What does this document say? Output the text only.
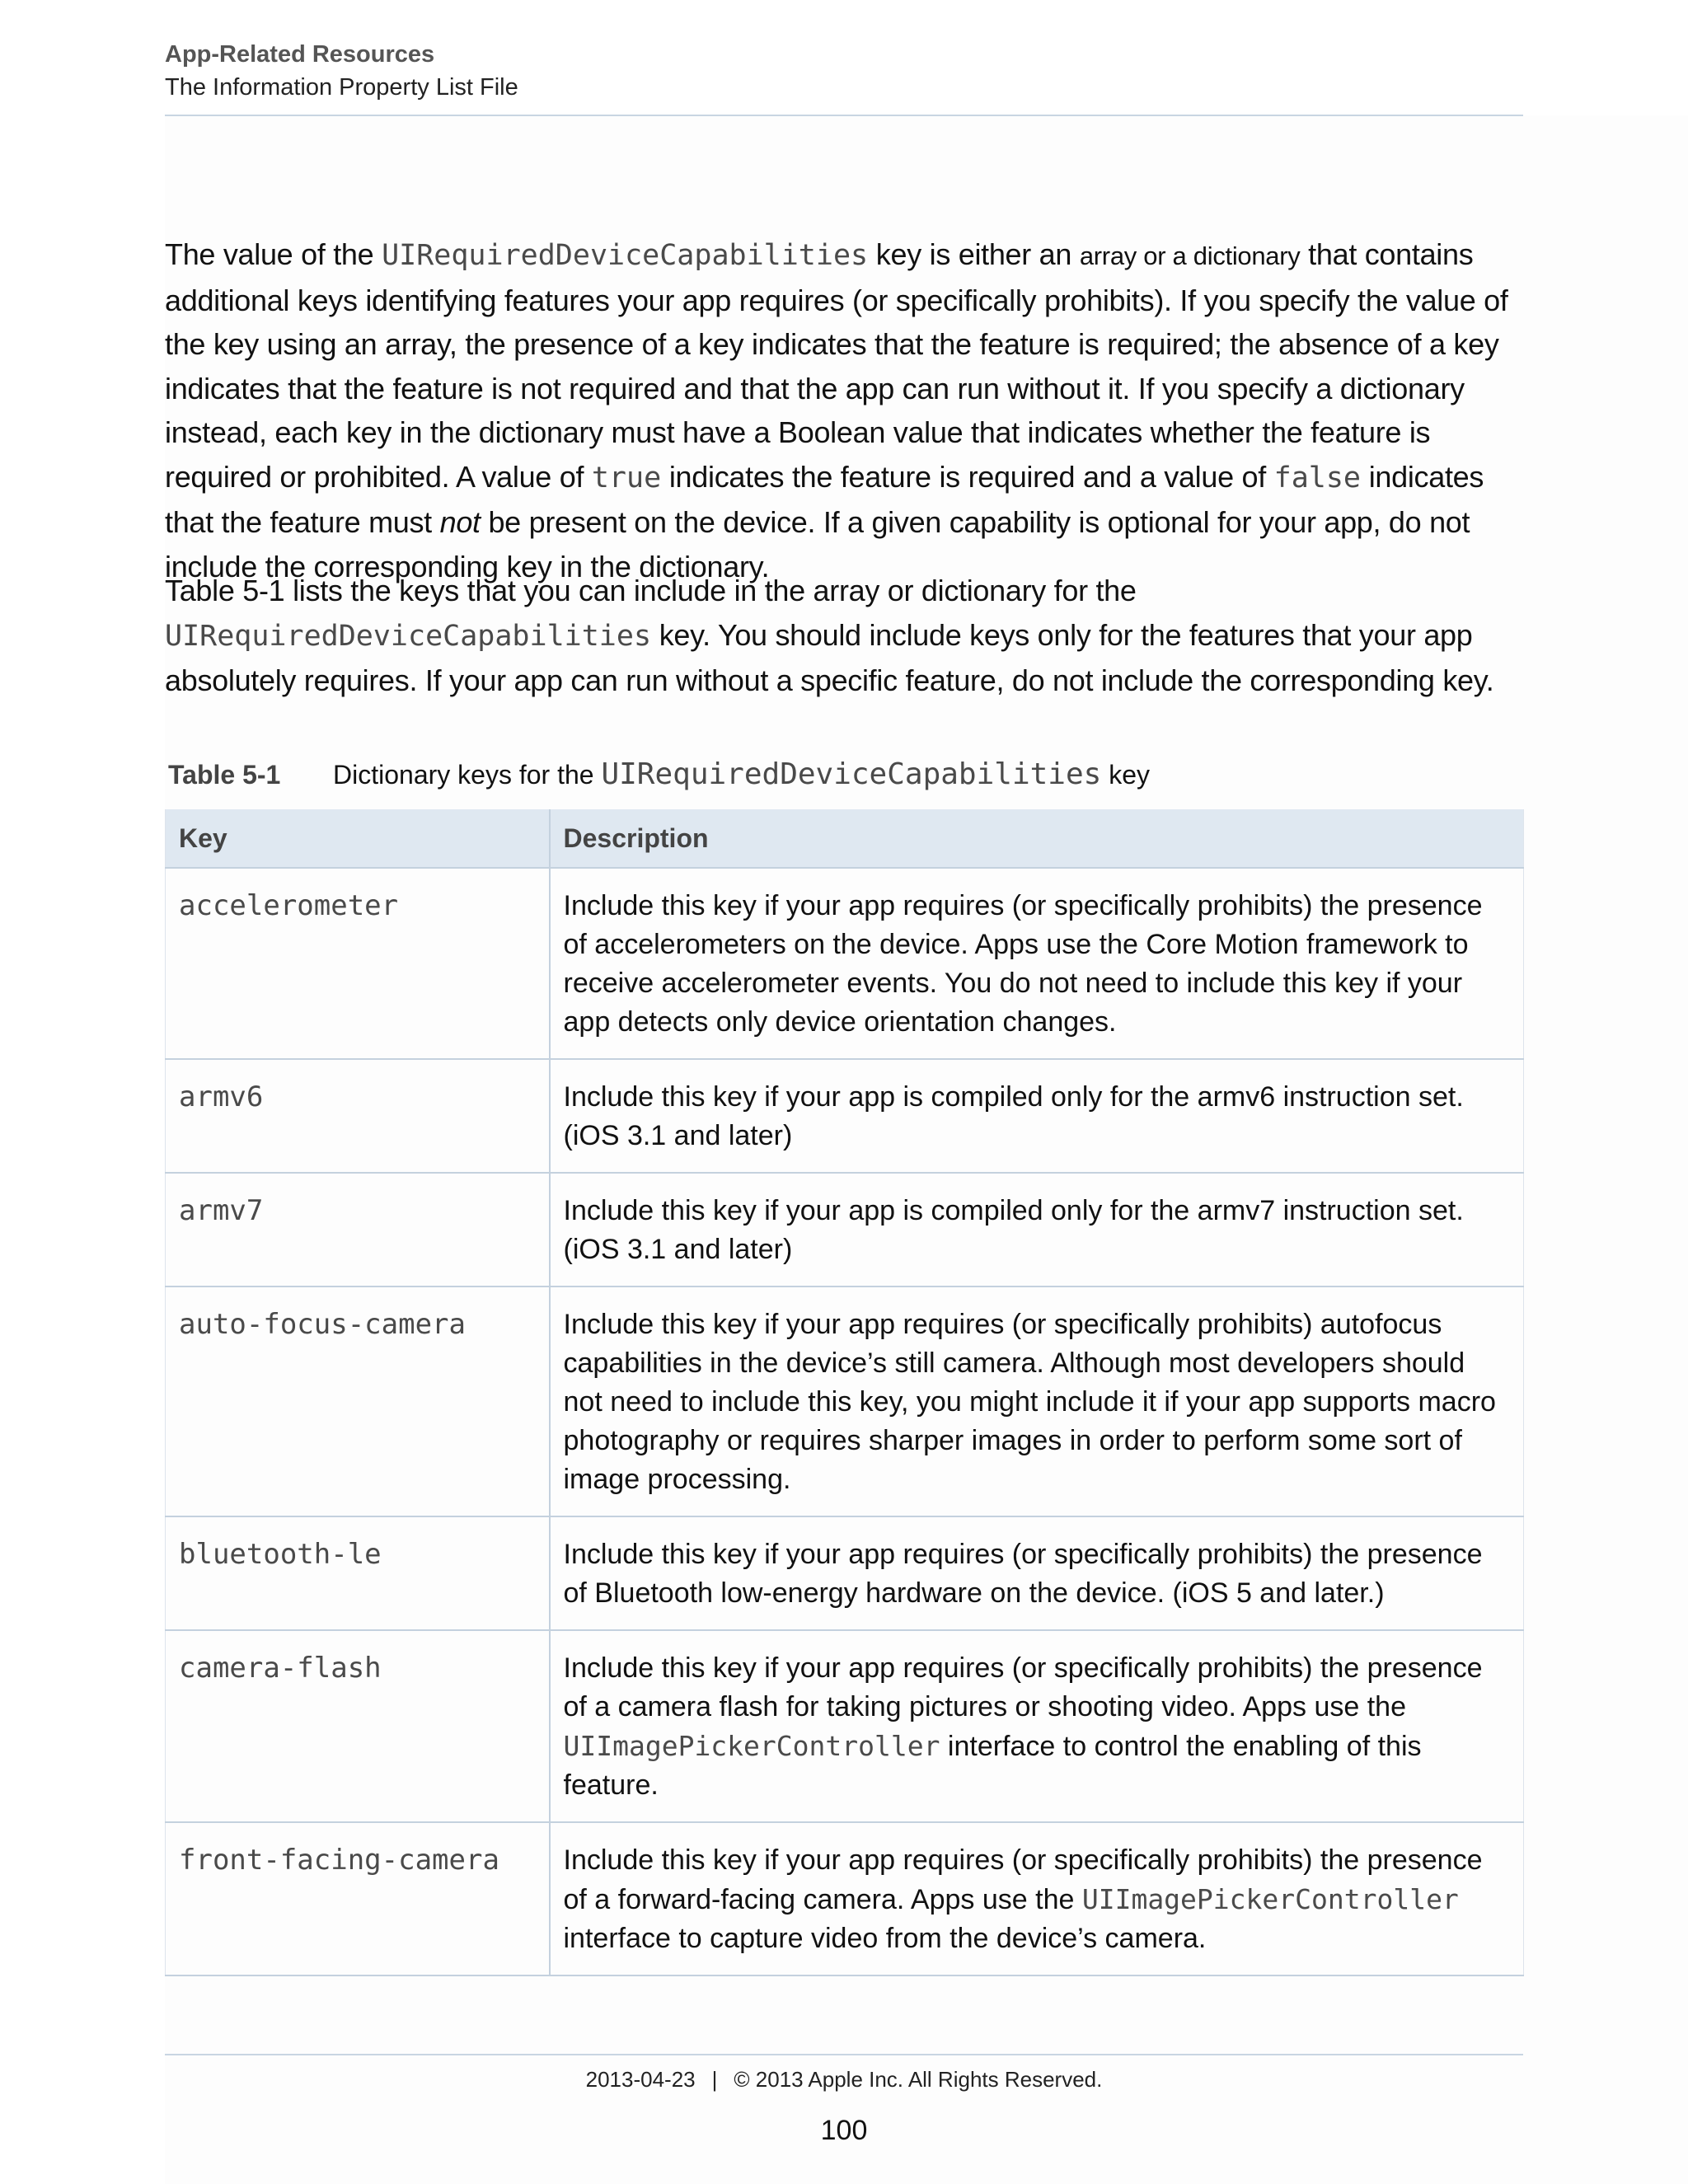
App-Related Resources
The Information Property List File
The value of the UIRequiredDeviceCapabilities key is either an array or a dictionary that contains additional keys identifying features your app requires (or specifically prohibits). If you specify the value of the key using an array, the presence of a key indicates that the feature is required; the absence of a key indicates that the feature is not required and that the app can run without it. If you specify a dictionary instead, each key in the dictionary must have a Boolean value that indicates whether the feature is required or prohibited. A value of true indicates the feature is required and a value of false indicates that the feature must not be present on the device. If a given capability is optional for your app, do not include the corresponding key in the dictionary.
Table 5-1 lists the keys that you can include in the array or dictionary for the UIRequiredDeviceCapabilities key. You should include keys only for the features that your app absolutely requires. If your app can run without a specific feature, do not include the corresponding key.
Table 5-1 Dictionary keys for the UIRequiredDeviceCapabilities key
Key	Description
accelerometer	Include this key if your app requires (or specifically prohibits) the presence of accelerometers on the device. Apps use the Core Motion framework to receive accelerometer events. You do not need to include this key if your app detects only device orientation changes.
armv6	Include this key if your app is compiled only for the armv6 instruction set. (iOS 3.1 and later)
armv7	Include this key if your app is compiled only for the armv7 instruction set. (iOS 3.1 and later)
auto-focus-camera	Include this key if your app requires (or specifically prohibits) autofocus capabilities in the device’s still camera. Although most developers should not need to include this key, you might include it if your app supports macro photography or requires sharper images in order to perform some sort of image processing.
bluetooth-le	Include this key if your app requires (or specifically prohibits) the presence of Bluetooth low-energy hardware on the device. (iOS 5 and later.)
camera-flash	Include this key if your app requires (or specifically prohibits) the presence of a camera flash for taking pictures or shooting video. Apps use the UIImagePickerController interface to control the enabling of this feature.
front-facing-camera	Include this key if your app requires (or specifically prohibits) the presence of a forward-facing camera. Apps use the UIImagePickerController interface to capture video from the device’s camera.
2013-04-23 | © 2013 Apple Inc. All Rights Reserved.
100
